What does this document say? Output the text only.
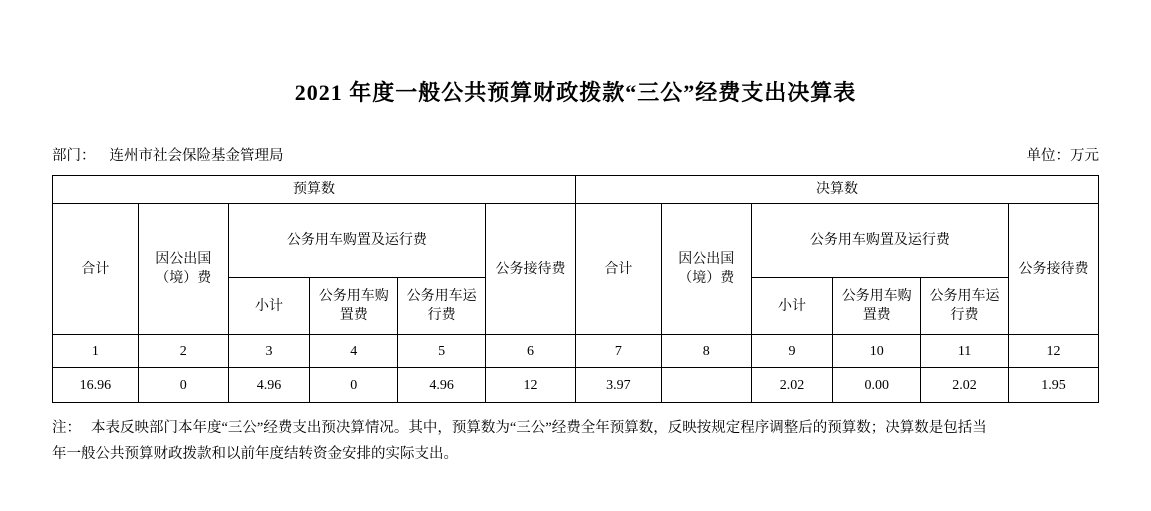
2021 年度一般公共预算财政拨款“三公”经费支出决算表
部门： 连州市社会保险基金管理局	单位：万元
预算数						决算数					
合计	因公出国（境）费	公务用车购置及运行费			公务接待费	合计	因公出国（境）费	公务用车购置及运行费			公务接待费
		小计	公务用车购置费	公务用车运行费				小计	公务用车购置费	公务用车运行费	
1	2	3	4	5	6	7	8	9	10	11	12
16.96	0	4.96	0	4.96	12	3.97		2.02	0.00	2.02	1.95
注： 本表反映部门本年度“三公”经费支出预决算情况。其中，预算数为“三公”经费全年预算数，反映按规定程序调整后的预算数；决算数是包括当
年一般公共预算财政拨款和以前年度结转资金安排的实际支出。
